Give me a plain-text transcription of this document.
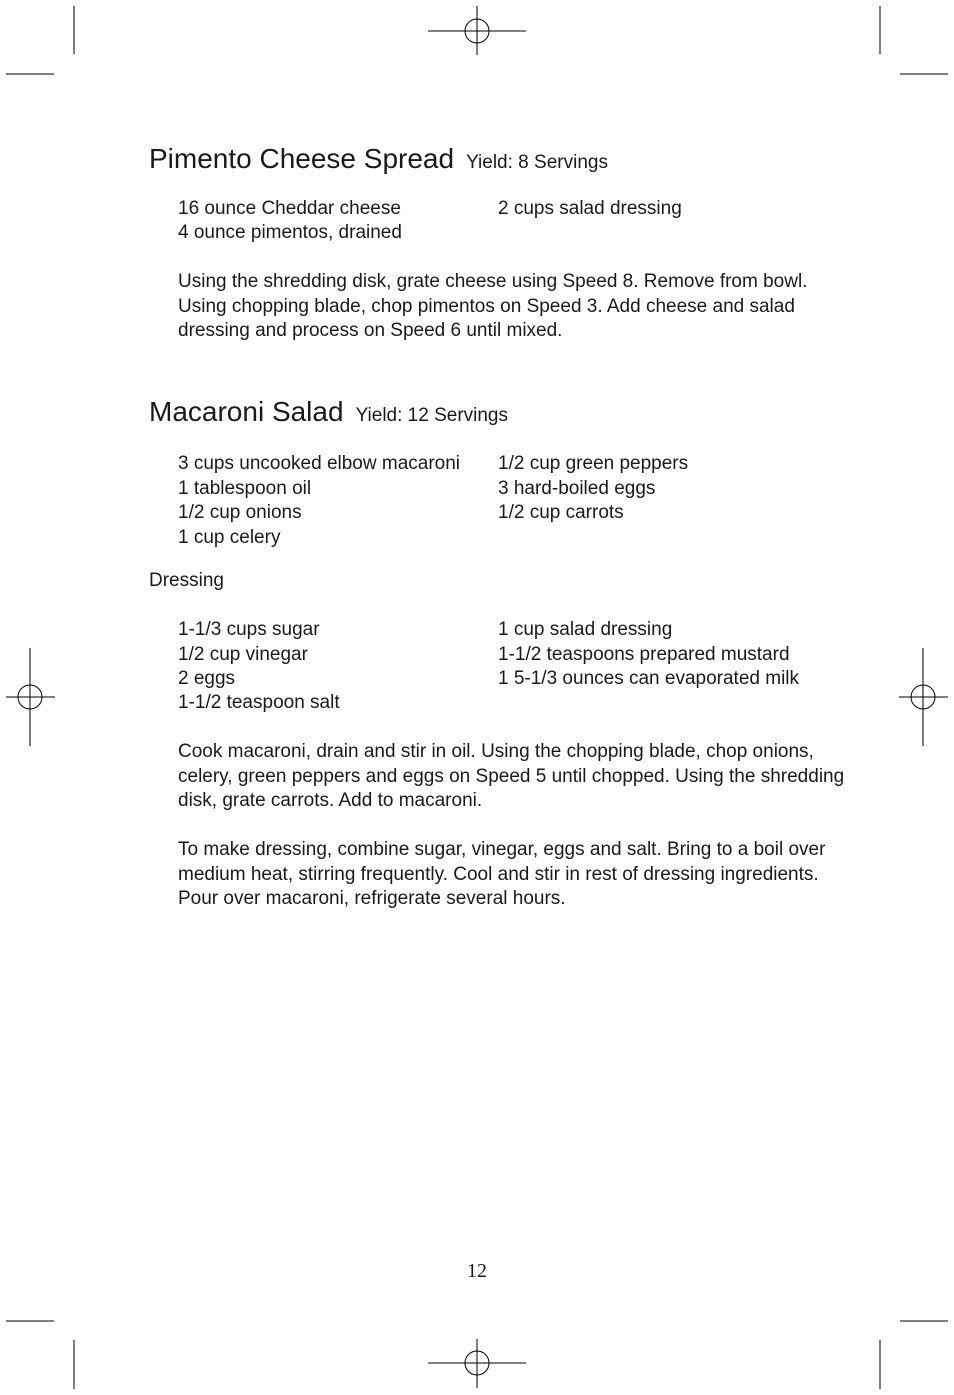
Pimento Cheese Spread Yield: 8 Servings
16 ounce Cheddar cheese
4 ounce pimentos, drained
2 cups salad dressing

Using the shredding disk, grate cheese using Speed 8. Remove from bowl. Using chopping blade, chop pimentos on Speed 3. Add cheese and salad dressing and process on Speed 6 until mixed.

Macaroni Salad Yield: 12 Servings
3 cups uncooked elbow macaroni
1 tablespoon oil
1/2 cup onions
1 cup celery
1/2 cup green peppers
3 hard-boiled eggs
1/2 cup carrots
Dressing
1-1/3 cups sugar
1/2 cup vinegar
2 eggs
1-1/2 teaspoon salt
1 cup salad dressing
1-1/2 teaspoons prepared mustard
1 5-1/3 ounces can evaporated milk

Cook macaroni, drain and stir in oil. Using the chopping blade, chop onions, celery, green peppers and eggs on Speed 5 until chopped. Using the shredding disk, grate carrots. Add to macaroni.

To make dressing, combine sugar, vinegar, eggs and salt. Bring to a boil over medium heat, stirring frequently. Cool and stir in rest of dressing ingredients. Pour over macaroni, refrigerate several hours.

12
